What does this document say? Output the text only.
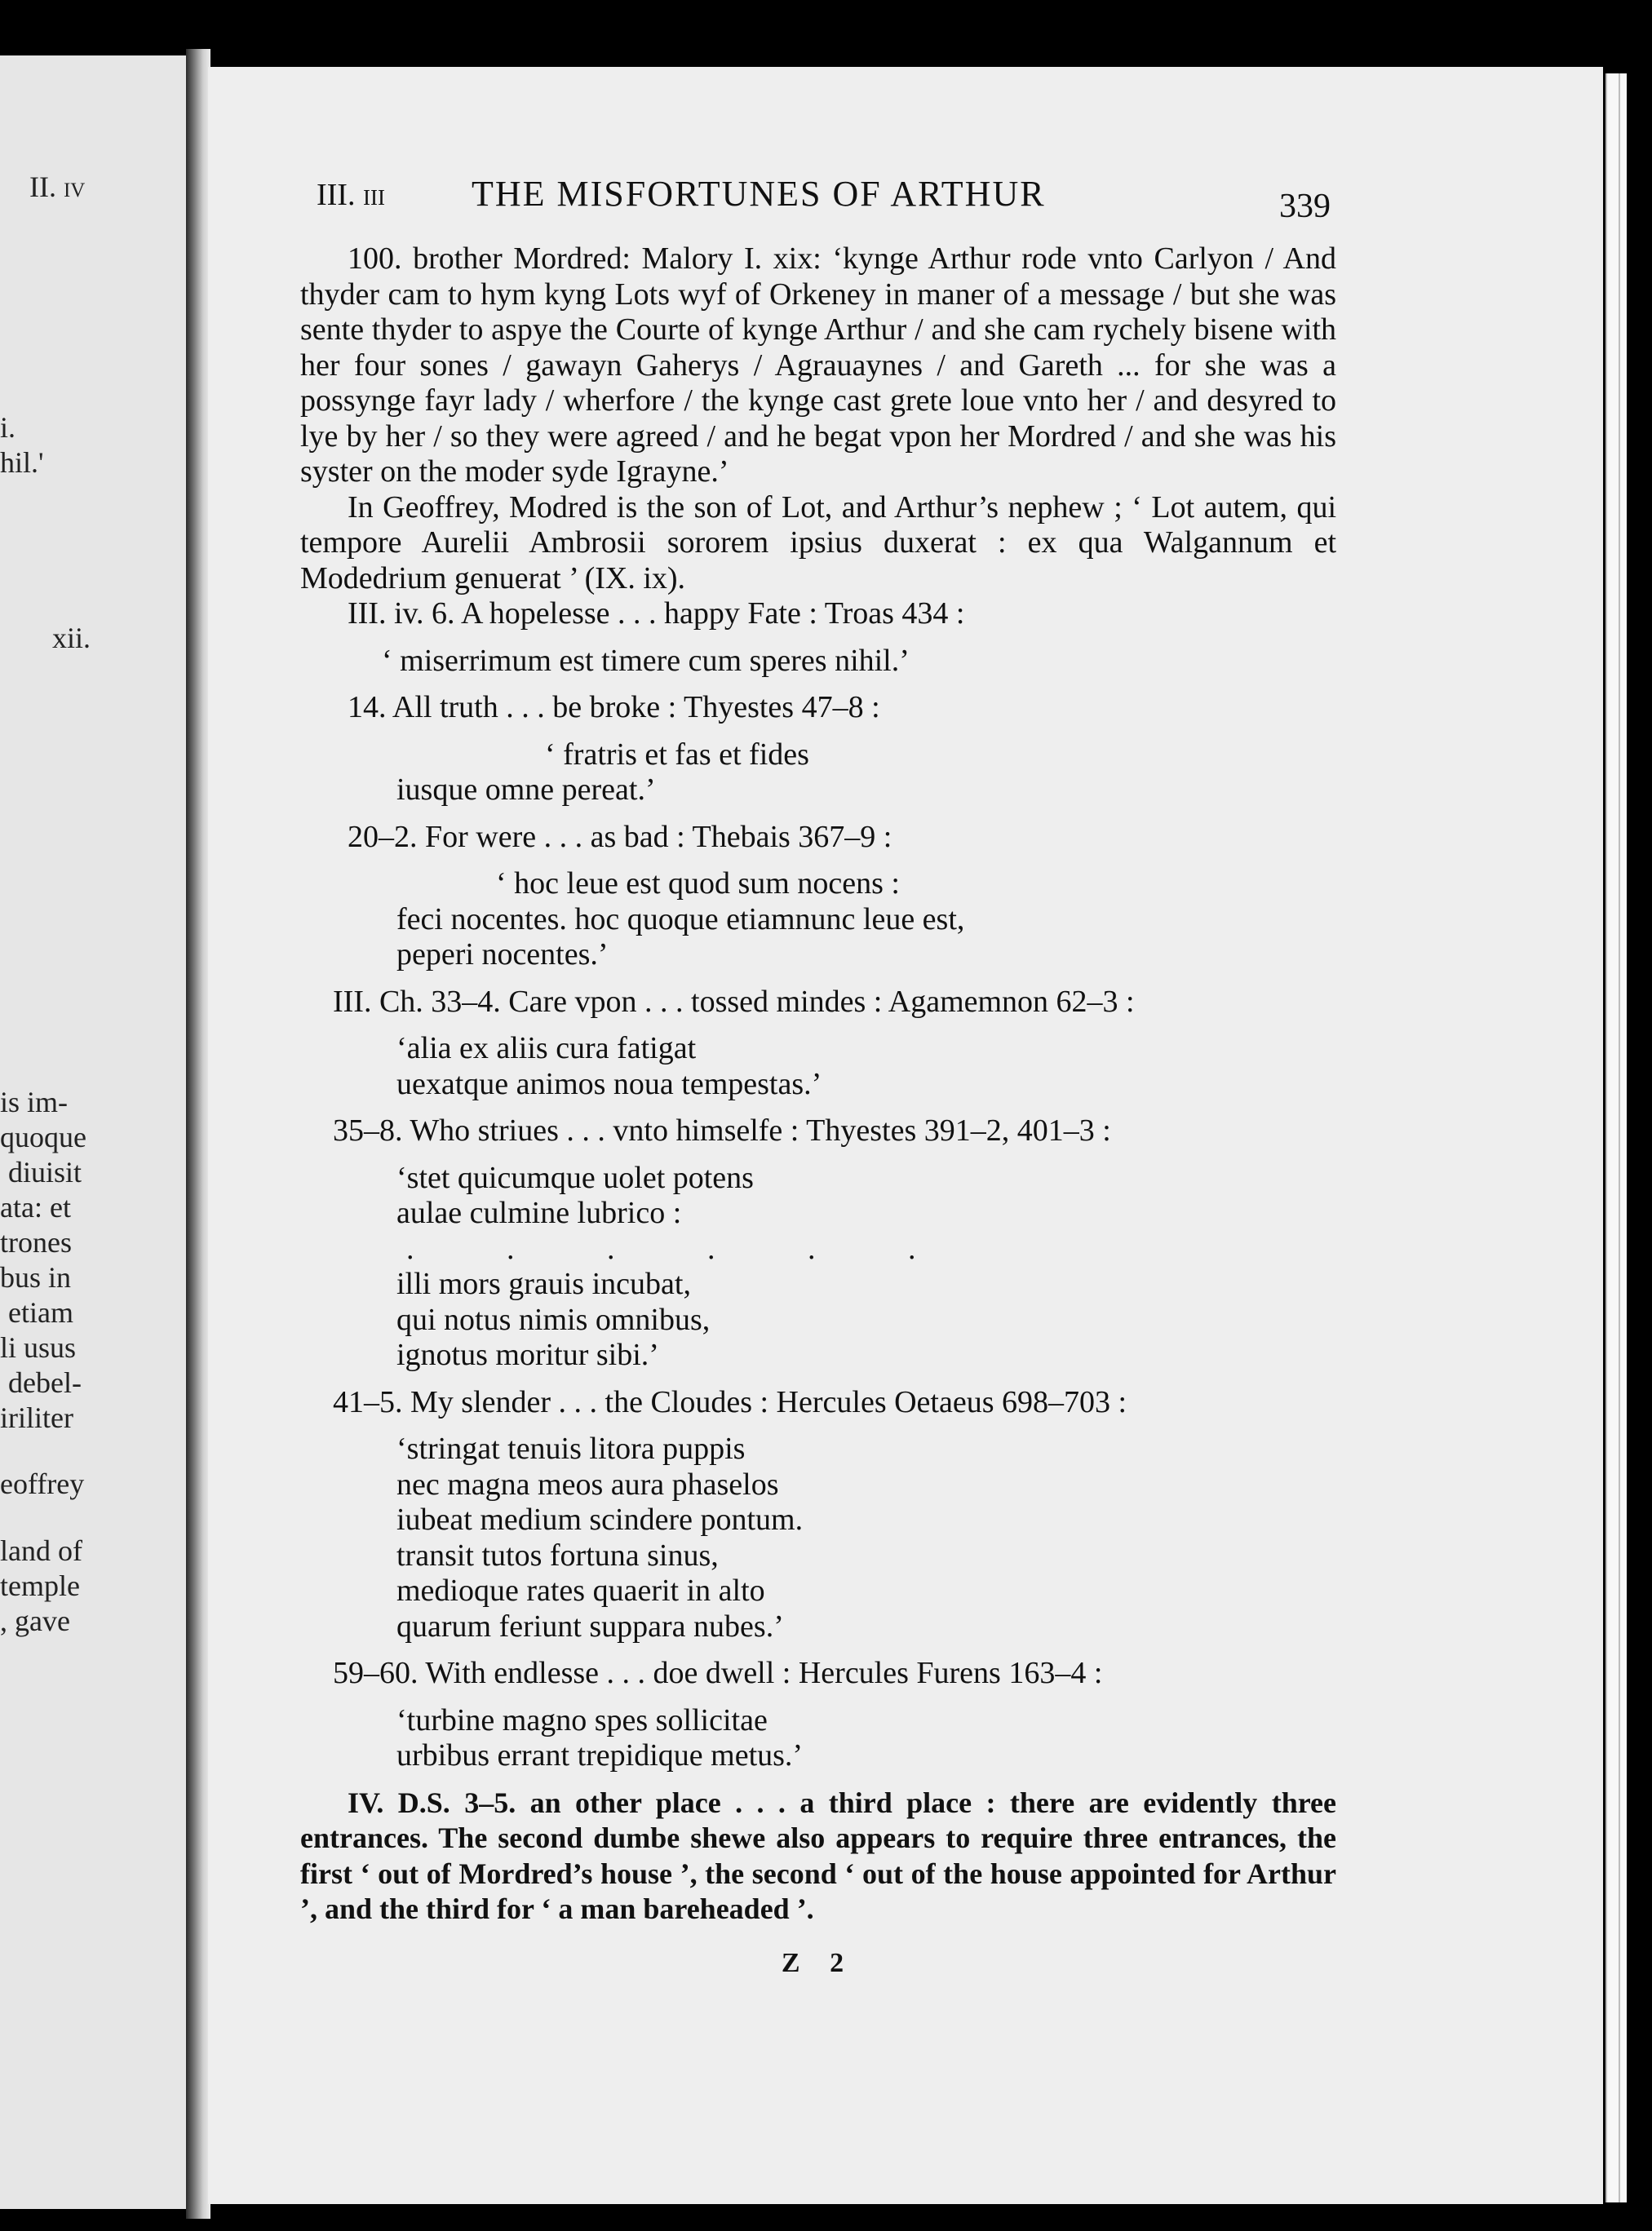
II. iv
i.
hil.'
xii.
is im-
quoque
diuisit
ata: et
trones
bus in
etiam
li usus
debel-
iriliter
eoffrey
land of
temple
, gave
III. iii THE MISFORTUNES OF ARTHUR	339

100. brother Mordred: Malory I. xix: ‘kynge Arthur rode vnto Carlyon / And thyder cam to hym kyng Lots wyf of Orkeney in maner of a message / but she was sente thyder to aspye the Courte of kynge Arthur / and she cam rychely bisene with her four sones / gawayn Gaherys / Agrauaynes / and Gareth ... for she was a possynge fayr lady / wherfore / the kynge cast grete loue vnto her / and desyred to lye by her / so they were agreed / and he begat vpon her Mordred / and she was his syster on the moder syde Igrayne.’

In Geoffrey, Modred is the son of Lot, and Arthur’s nephew ; ‘ Lot autem, qui tempore Aurelii Ambrosii sororem ipsius duxerat : ex qua Walgannum et Modedrium genuerat ’ (IX. ix).

III. iv. 6. A hopelesse . . . happy Fate : Troas 434 :

‘ miserrimum est timere cum speres nihil.’

14. All truth . . . be broke : Thyestes 47–8 :

‘ fratris et fas et fides

iusque omne pereat.’

20–2. For were . . . as bad : Thebais 367–9 :

‘ hoc leue est quod sum nocens :

feci nocentes. hoc quoque etiamnunc leue est,

peperi nocentes.’

III. Ch. 33–4. Care vpon . . . tossed mindes : Agamemnon 62–3 :

‘alia ex aliis cura fatigat

uexatque animos noua tempestas.’

35–8. Who striues . . . vnto himselfe : Thyestes 391–2, 401–3 :

‘stet quicumque uolet potens

aulae culmine lubrico :

. . . . . .

illi mors grauis incubat,

qui notus nimis omnibus,

ignotus moritur sibi.’

41–5. My slender . . . the Cloudes : Hercules Oetaeus 698–703 :

‘stringat tenuis litora puppis

nec magna meos aura phaselos

iubeat medium scindere pontum.

transit tutos fortuna sinus,

medioque rates quaerit in alto

quarum feriunt suppara nubes.’

59–60. With endlesse . . . doe dwell : Hercules Furens 163–4 :

‘turbine magno spes sollicitae

urbibus errant trepidique metus.’

IV. D.S. 3–5. an other place . . . a third place : there are evidently three entrances. The second dumbe shewe also appears to require three entrances, the first ‘ out of Mordred’s house ’, the second ‘ out of the house appointed for Arthur ’, and the third for ‘ a man bareheaded ’.

Z 2
